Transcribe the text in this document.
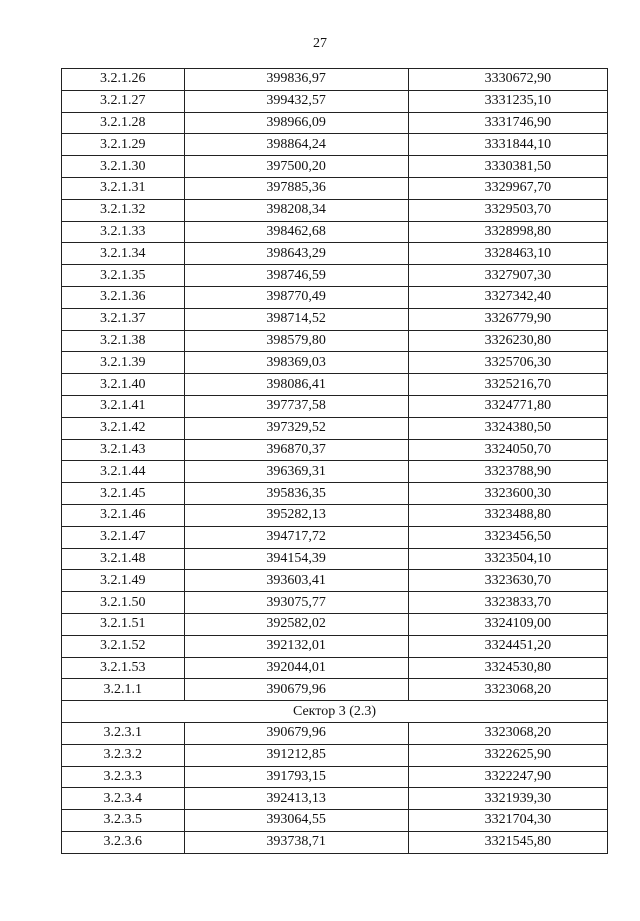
27
3.2.1.26	399836,97	3330672,90
3.2.1.27	399432,57	3331235,10
3.2.1.28	398966,09	3331746,90
3.2.1.29	398864,24	3331844,10
3.2.1.30	397500,20	3330381,50
3.2.1.31	397885,36	3329967,70
3.2.1.32	398208,34	3329503,70
3.2.1.33	398462,68	3328998,80
3.2.1.34	398643,29	3328463,10
3.2.1.35	398746,59	3327907,30
3.2.1.36	398770,49	3327342,40
3.2.1.37	398714,52	3326779,90
3.2.1.38	398579,80	3326230,80
3.2.1.39	398369,03	3325706,30
3.2.1.40	398086,41	3325216,70
3.2.1.41	397737,58	3324771,80
3.2.1.42	397329,52	3324380,50
3.2.1.43	396870,37	3324050,70
3.2.1.44	396369,31	3323788,90
3.2.1.45	395836,35	3323600,30
3.2.1.46	395282,13	3323488,80
3.2.1.47	394717,72	3323456,50
3.2.1.48	394154,39	3323504,10
3.2.1.49	393603,41	3323630,70
3.2.1.50	393075,77	3323833,70
3.2.1.51	392582,02	3324109,00
3.2.1.52	392132,01	3324451,20
3.2.1.53	392044,01	3324530,80
3.2.1.1	390679,96	3323068,20
Сектор 3 (2.3)		
3.2.3.1	390679,96	3323068,20
3.2.3.2	391212,85	3322625,90
3.2.3.3	391793,15	3322247,90
3.2.3.4	392413,13	3321939,30
3.2.3.5	393064,55	3321704,30
3.2.3.6	393738,71	3321545,80
